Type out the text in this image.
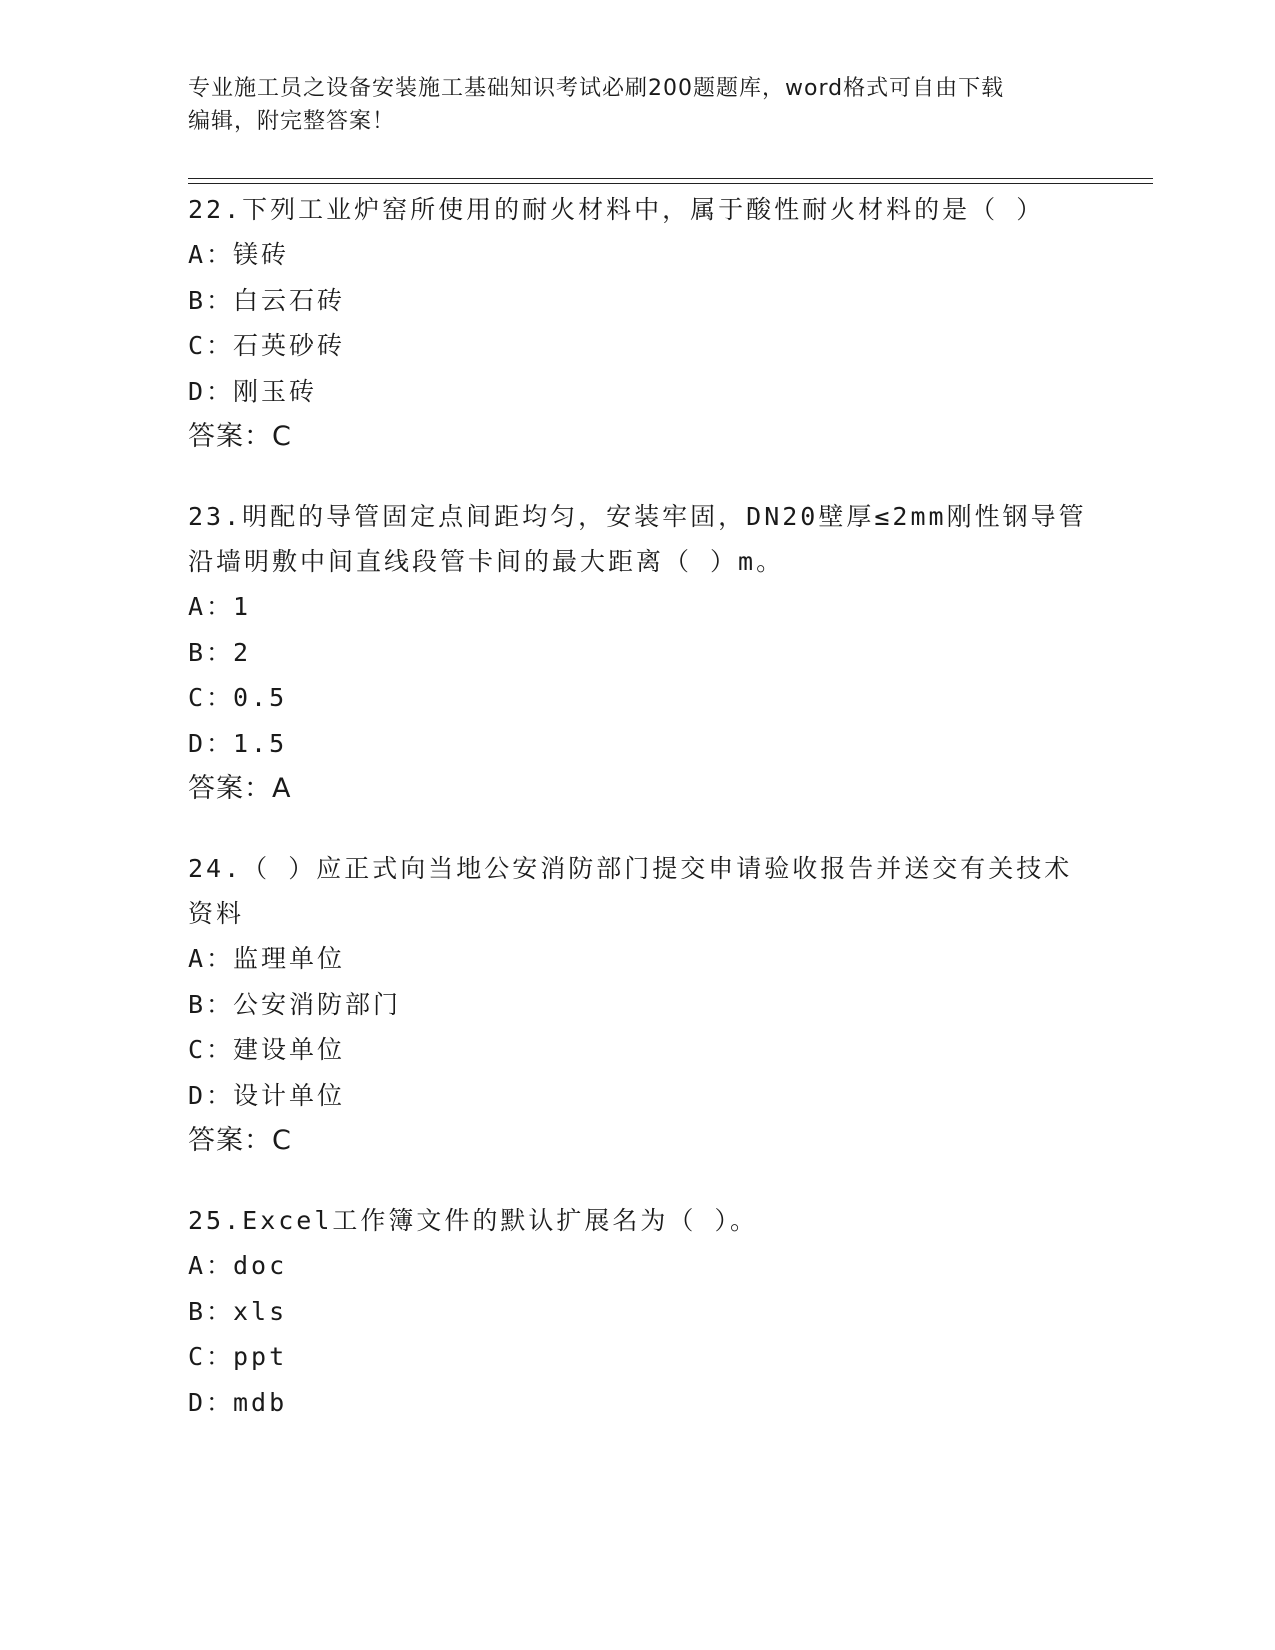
专业施工员之设备安装施工基础知识考试必刷200题题库，word格式可自由下载
编辑，附完整答案！

22.下列工业炉窑所使用的耐火材料中，属于酸性耐火材料的是（ ）

A：
镁砖
B：
白云石砖
C：
石英砂砖
D：
刚玉砖
答案：C

23.明配的导管固定点间距均匀，安装牢固，DN20壁厚≤2mm刚性钢导管沿墙明敷中间直线段管卡间的最大距离（ ）m。

A：
1
B：
2
C：
0.5
D：
1.5
答案：A

24.（ ）应正式向当地公安消防部门提交申请验收报告并送交有关技术资料

A：
监理单位
B：
公安消防部门
C：
建设单位
D：
设计单位
答案：C

25.Excel工作簿文件的默认扩展名为（ ）。

A：
doc
B：
xls
C：
ppt
D：
mdb
